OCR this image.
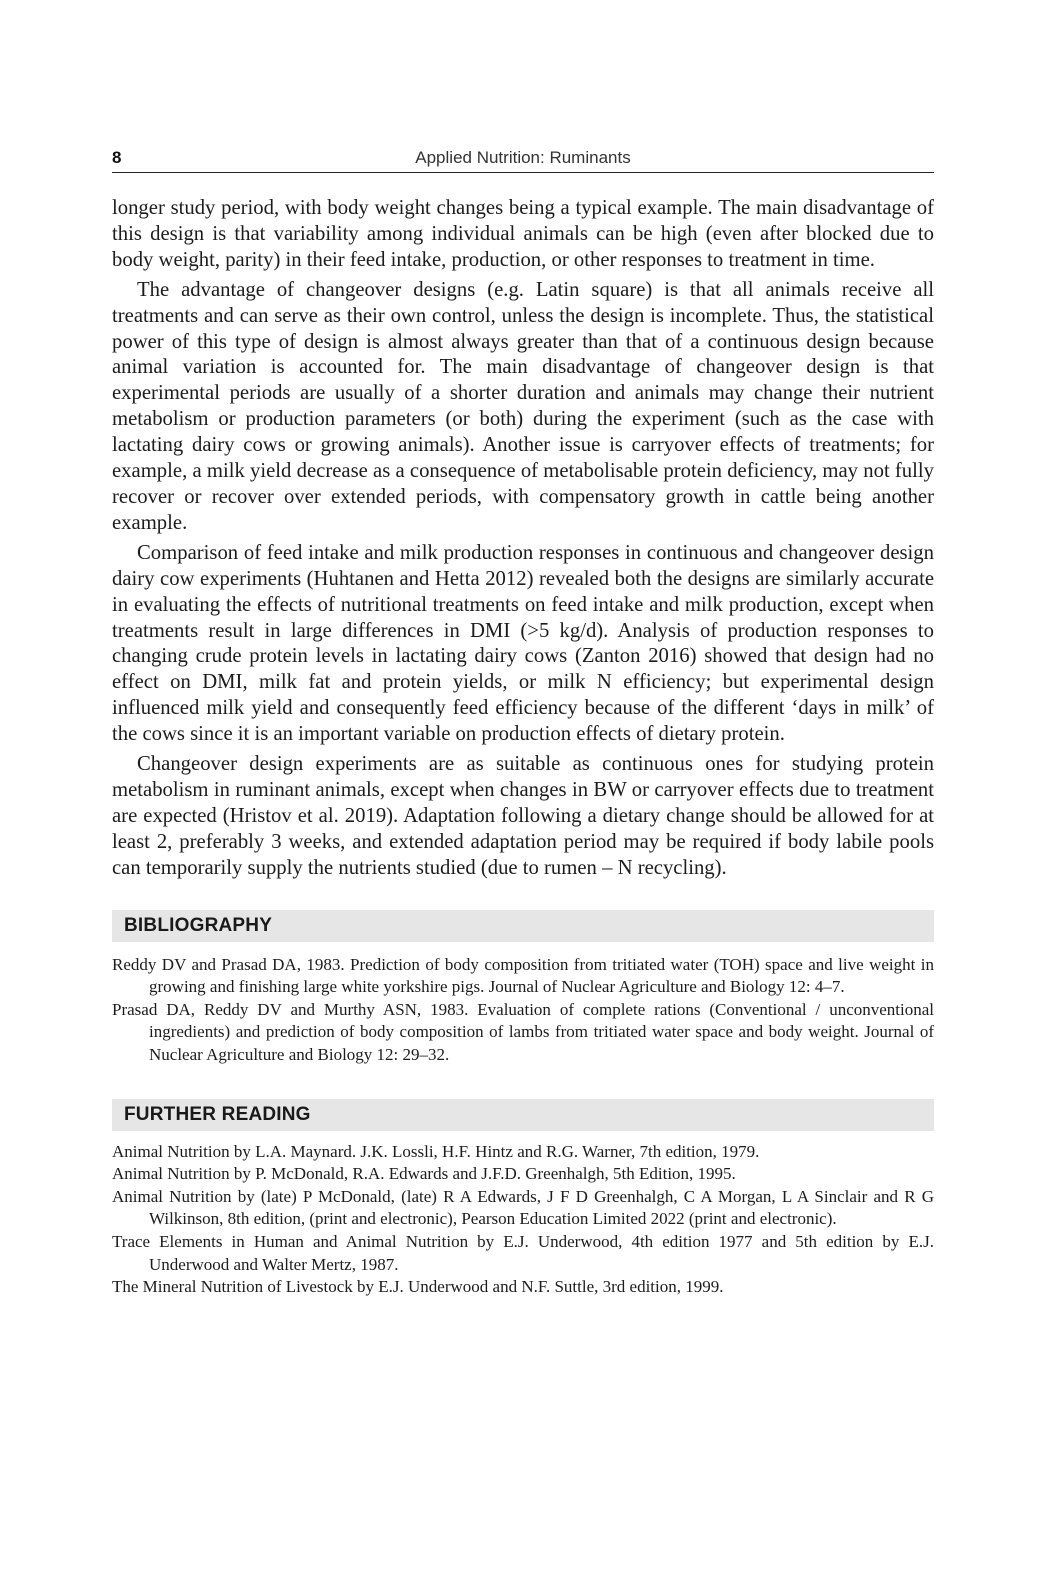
8	Applied Nutrition: Ruminants

longer study period, with body weight changes being a typical example. The main disadvantage of this design is that variability among individual animals can be high (even after blocked due to body weight, parity) in their feed intake, production, or other responses to treatment in time.

The advantage of changeover designs (e.g. Latin square) is that all animals receive all treatments and can serve as their own control, unless the design is incomplete. Thus, the statistical power of this type of design is almost always greater than that of a continuous design because animal variation is accounted for. The main disadvantage of changeover design is that experimental periods are usually of a shorter duration and animals may change their nutrient metabolism or production parameters (or both) during the experiment (such as the case with lactating dairy cows or growing animals). Another issue is carryover effects of treatments; for example, a milk yield decrease as a consequence of metabolisable protein deficiency, may not fully recover or recover over extended periods, with compensatory growth in cattle being another example.

Comparison of feed intake and milk production responses in continuous and changeover design dairy cow experiments (Huhtanen and Hetta 2012) revealed both the designs are similarly accurate in evaluating the effects of nutritional treatments on feed intake and milk production, except when treatments result in large differences in DMI (>5 kg/d). Analysis of production responses to changing crude protein levels in lactating dairy cows (Zanton 2016) showed that design had no effect on DMI, milk fat and protein yields, or milk N efficiency; but experimental design influenced milk yield and consequently feed efficiency because of the different ‘days in milk’ of the cows since it is an important variable on production effects of dietary protein.

Changeover design experiments are as suitable as continuous ones for studying protein metabolism in ruminant animals, except when changes in BW or carryover effects due to treatment are expected (Hristov et al. 2019). Adaptation following a dietary change should be allowed for at least 2, preferably 3 weeks, and extended adaptation period may be required if body labile pools can temporarily supply the nutrients studied (due to rumen – N recycling).

BIBLIOGRAPHY

Reddy DV and Prasad DA, 1983. Prediction of body composition from tritiated water (TOH) space and live weight in growing and finishing large white yorkshire pigs. Journal of Nuclear Agriculture and Biology 12: 4–7.

Prasad DA, Reddy DV and Murthy ASN, 1983. Evaluation of complete rations (Conventional / unconventional ingredients) and prediction of body composition of lambs from tritiated water space and body weight. Journal of Nuclear Agriculture and Biology 12: 29–32.

FURTHER READING

Animal Nutrition by L.A. Maynard. J.K. Lossli, H.F. Hintz and R.G. Warner, 7th edition, 1979.

Animal Nutrition by P. McDonald, R.A. Edwards and J.F.D. Greenhalgh, 5th Edition, 1995.

Animal Nutrition by (late) P McDonald, (late) R A Edwards, J F D Greenhalgh, C A Morgan, L A Sinclair and R G Wilkinson, 8th edition, (print and electronic), Pearson Education Limited 2022 (print and electronic).

Trace Elements in Human and Animal Nutrition by E.J. Underwood, 4th edition 1977 and 5th edition by E.J. Underwood and Walter Mertz, 1987.

The Mineral Nutrition of Livestock by E.J. Underwood and N.F. Suttle, 3rd edition, 1999.
